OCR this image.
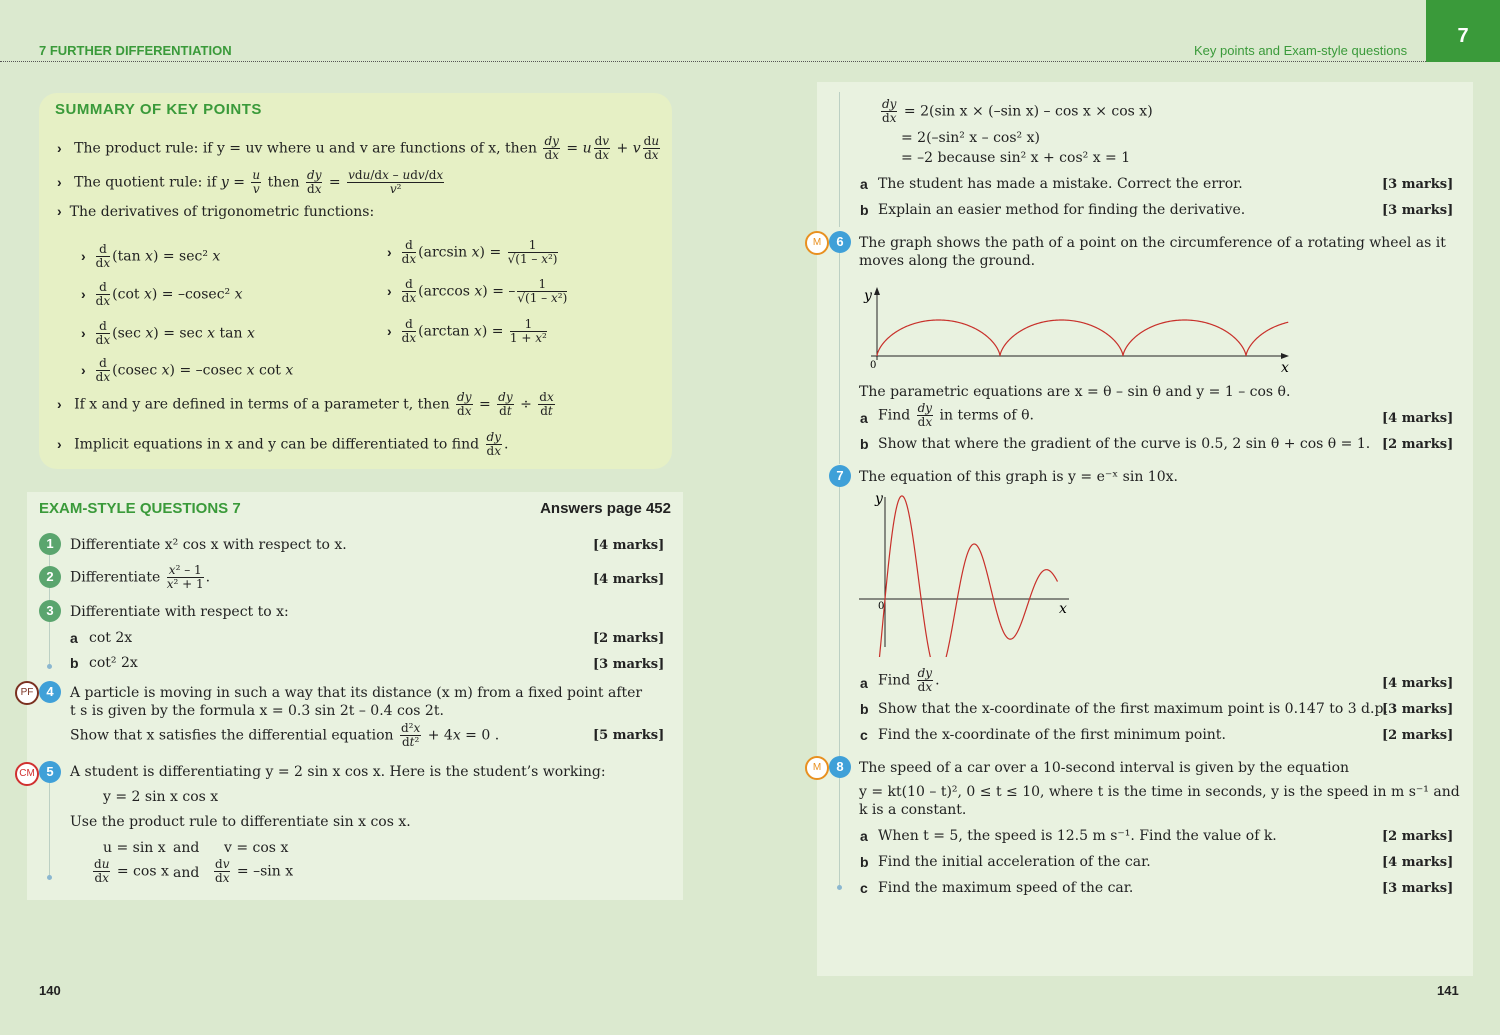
7 FURTHER DIFFERENTIATION	Key points and Exam-style questions
7
SUMMARY OF KEY POINTS
› The product rule: if y = uv where u and v are functions of x, then $\frac{dy}{dx} = u \frac{dv}{dx} + v \frac{du}{dx}$
› The quotient rule: if $y = \frac{u}{v}$ then $\frac{dy}{dx} = \frac{\text{vdu/dx – udv/dx}}{\text{v²}}$
› The derivatives of trigonometric functions:
› $\frac{d}{dx} (\tan$ x) = sec² x
› $\frac{d}{dx} (\cot$ x) = –cosec² x
› $\frac{d}{dx} (\sec$ x) = sec x tan x
› $\frac{d}{dx} (cosec$ x) = –cosec x cot x
› $\frac{d}{dx} (\arcsin$ $x) = \frac{1}{\text{√(1 – x²)}}$
› $\frac{d}{dx} (\arccos$ x) = – $\frac{1}{\text{√(1 – x²)}}$
› $\frac{d}{dx} (\arctan$ $x) = \frac{1}{\text{1 + x²}}$
› If x and y are defined in terms of a parameter t, then $\frac{dy}{dx} = \frac{dy}{dt} \div \frac{dx}{dt}$
› Implicit equations in x and y can be differentiated to find $\frac{dy}{dx}$ .
EXAM-STYLE QUESTIONS 7	Answers page 452
1	Differentiate x² cos x with respect to x.	[4 marks]
2	Differentiate $\frac{\text{x² – 1}}{\text{x² + 1}}$ .	[4 marks]
3	Differentiate with respect to x:
a cot 2x	[2 marks]
b cot² 2x	[3 marks]
PF 4	A particle is moving in such a way that its distance (x m) from a fixed point after
t s is given by the formula x = 0.3 sin 2t – 0.4 cos 2t.
Show that x satisfies the differential equation $\frac{\text{d²x}}{\text{dt²}} + 4x = 0$ .	[5 marks]
CM 5	A student is differentiating y = 2 sin x cos x. Here is the student’s working:
y = 2 sin x cos x
Use the product rule to differentiate sin x cos x.
u = sin x and v = cos x
$\frac{du}{dx} = \cos x$ and $\frac{dv}{dx} = -\sin$ x
$\frac{dy}{dx} = 2(\sin$ x × (–sin x) – cos x × cos x)
= 2(–sin² x – cos² x)
= –2 because sin² x + cos² x = 1
a The student has made a mistake. Correct the error.	[3 marks]
b Explain an easier method for finding the derivative.	[3 marks]
M	6	The graph shows the path of a point on the circumference of a rotating wheel as it
moves along the ground.
y
0	x
The parametric equations are x = θ – sin θ and y = 1 – cos θ.
a Find $\frac{dy}{dx}$ in terms of θ.	[4 marks]
b Show that where the gradient of the curve is 0.5, 2 sin θ + cos θ = 1. [2 marks]
7	The equation of this graph is y = e⁻ˣ sin 10x.
y
0	x
a Find $\frac{dy}{dx}$ .	[4 marks]
b Show that the x-coordinate of the first maximum point is 0.147 to 3 d.p.
[3 marks]
c Find the x-coordinate of the first minimum point.	[2 marks]
M	8	The speed of a car over a 10-second interval is given by the equation
y = kt(10 – t)², 0 ≤ t ≤ 10, where t is the time in seconds, y is the speed in m s⁻¹ and
k is a constant.
a When t = 5, the speed is 12.5 m s⁻¹. Find the value of k.	[2 marks]
b Find the initial acceleration of the car.	[4 marks]
c Find the maximum speed of the car.	[3 marks]
140	141
